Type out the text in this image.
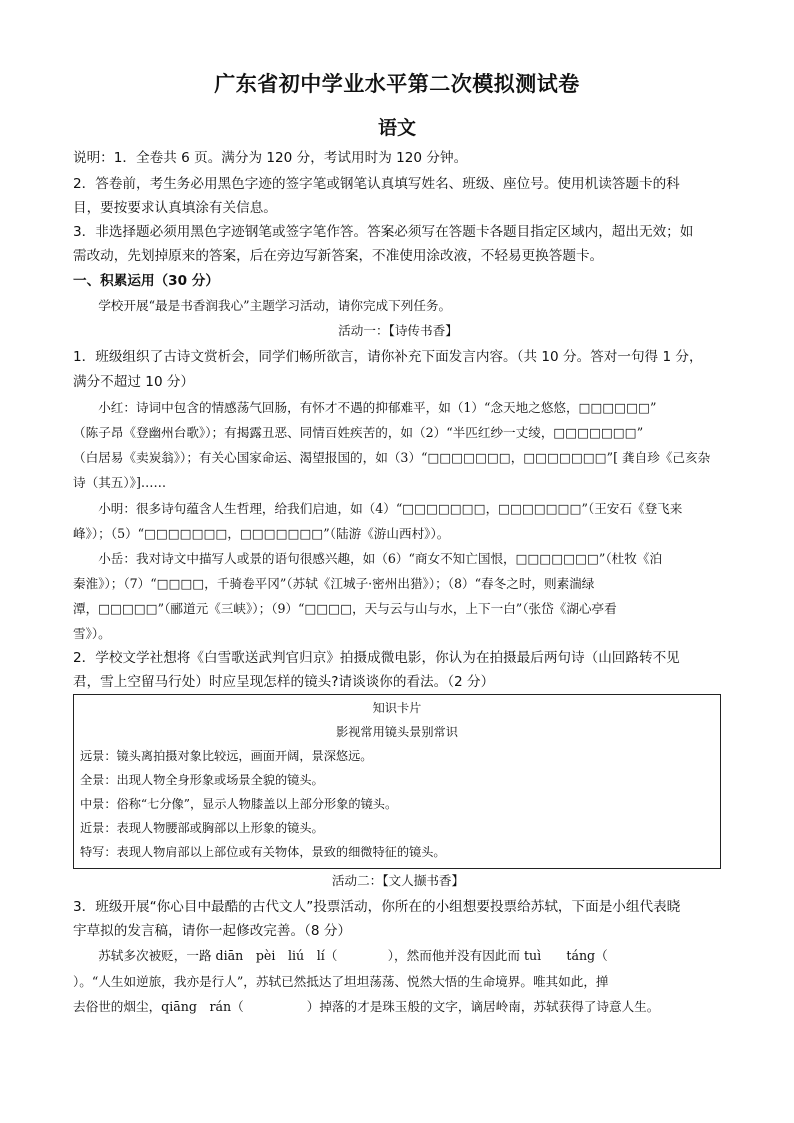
广东省初中学业水平第二次模拟测试卷
语文

说明：1．全卷共 6 页。满分为 120 分，考试用时为 120 分钟。

2．答卷前，考生务必用黑色字迹的签字笔或钢笔认真填写姓名、班级、座位号。使用机读答题卡的科

目，要按要求认真填涂有关信息。

3．非选择题必须用黑色字迹钢笔或签字笔作答。答案必须写在答题卡各题目指定区域内，超出无效；如

需改动，先划掉原来的答案，后在旁边写新答案，不准使用涂改液，不轻易更换答题卡。

一、积累运用（30 分）

学校开展“最是书香润我心”主题学习活动，请你完成下列任务。

活动一：【诗传书香】

1．班级组织了古诗文赏析会，同学们畅所欲言，请你补充下面发言内容。（共 10 分。答对一句得 1 分，

满分不超过 10 分）

小红：诗词中包含的情感荡气回肠，有怀才不遇的抑郁难平，如（1）“念天地之悠悠，□□□□□□”

（陈子昂《登幽州台歌》）；有揭露丑恶、同情百姓疾苦的，如（2）“半匹红纱一丈绫，□□□□□□□”

（白居易《卖炭翁》）；有关心国家命运、渴望报国的，如（3）“□□□□□□□，□□□□□□□”[ 龚自珍《己亥杂

诗（其五）》]……

小明：很多诗句蕴含人生哲理，给我们启迪，如（4）“□□□□□□□，□□□□□□□”（王安石《登飞来

峰》）；（5）“□□□□□□□，□□□□□□□”（陆游《游山西村》）。

小岳：我对诗文中描写人或景的语句很感兴趣，如（6）“商女不知亡国恨，□□□□□□□”（杜牧《泊

秦淮》）；（7）“□□□□，千骑卷平冈”（苏轼《江城子·密州出猎》）；（8）“春冬之时，则素湍绿

潭，□□□□□”（郦道元《三峡》）；（9）“□□□□，天与云与山与水，上下一白”（张岱《湖心亭看

雪》）。

2．学校文学社想将《白雪歌送武判官归京》拍摄成微电影，你认为在拍摄最后两句诗（山回路转不见

君，雪上空留马行处）时应呈现怎样的镜头?请谈谈你的看法。（2 分）

知识卡片

影视常用镜头景别常识

远景：镜头离拍摄对象比较远，画面开阔，景深悠远。

全景：出现人物全身形象或场景全貌的镜头。

中景：俗称“七分像”，显示人物膝盖以上部分形象的镜头。

近景：表现人物腰部或胸部以上形象的镜头。

特写：表现人物肩部以上部位或有关物体，景致的细微特征的镜头。

活动二：【文人撷书香】

3．班级开展“你心目中最酷的古代文人”投票活动，你所在的小组想要投票给苏轼，下面是小组代表晓

宇草拟的发言稿，请你一起修改完善。（8 分）

苏轼多次被贬，一路 diān　pèi　liú　lí（　　　　），然而他并没有因此而 tuì　　táng（

）。“人生如逆旅，我亦是行人”，苏轼已然抵达了坦坦荡荡、悦然大悟的生命境界。唯其如此，掸

去俗世的烟尘，qiāng　rán（　　　　　）掉落的才是珠玉般的文字，谪居岭南，苏轼获得了诗意人生。
